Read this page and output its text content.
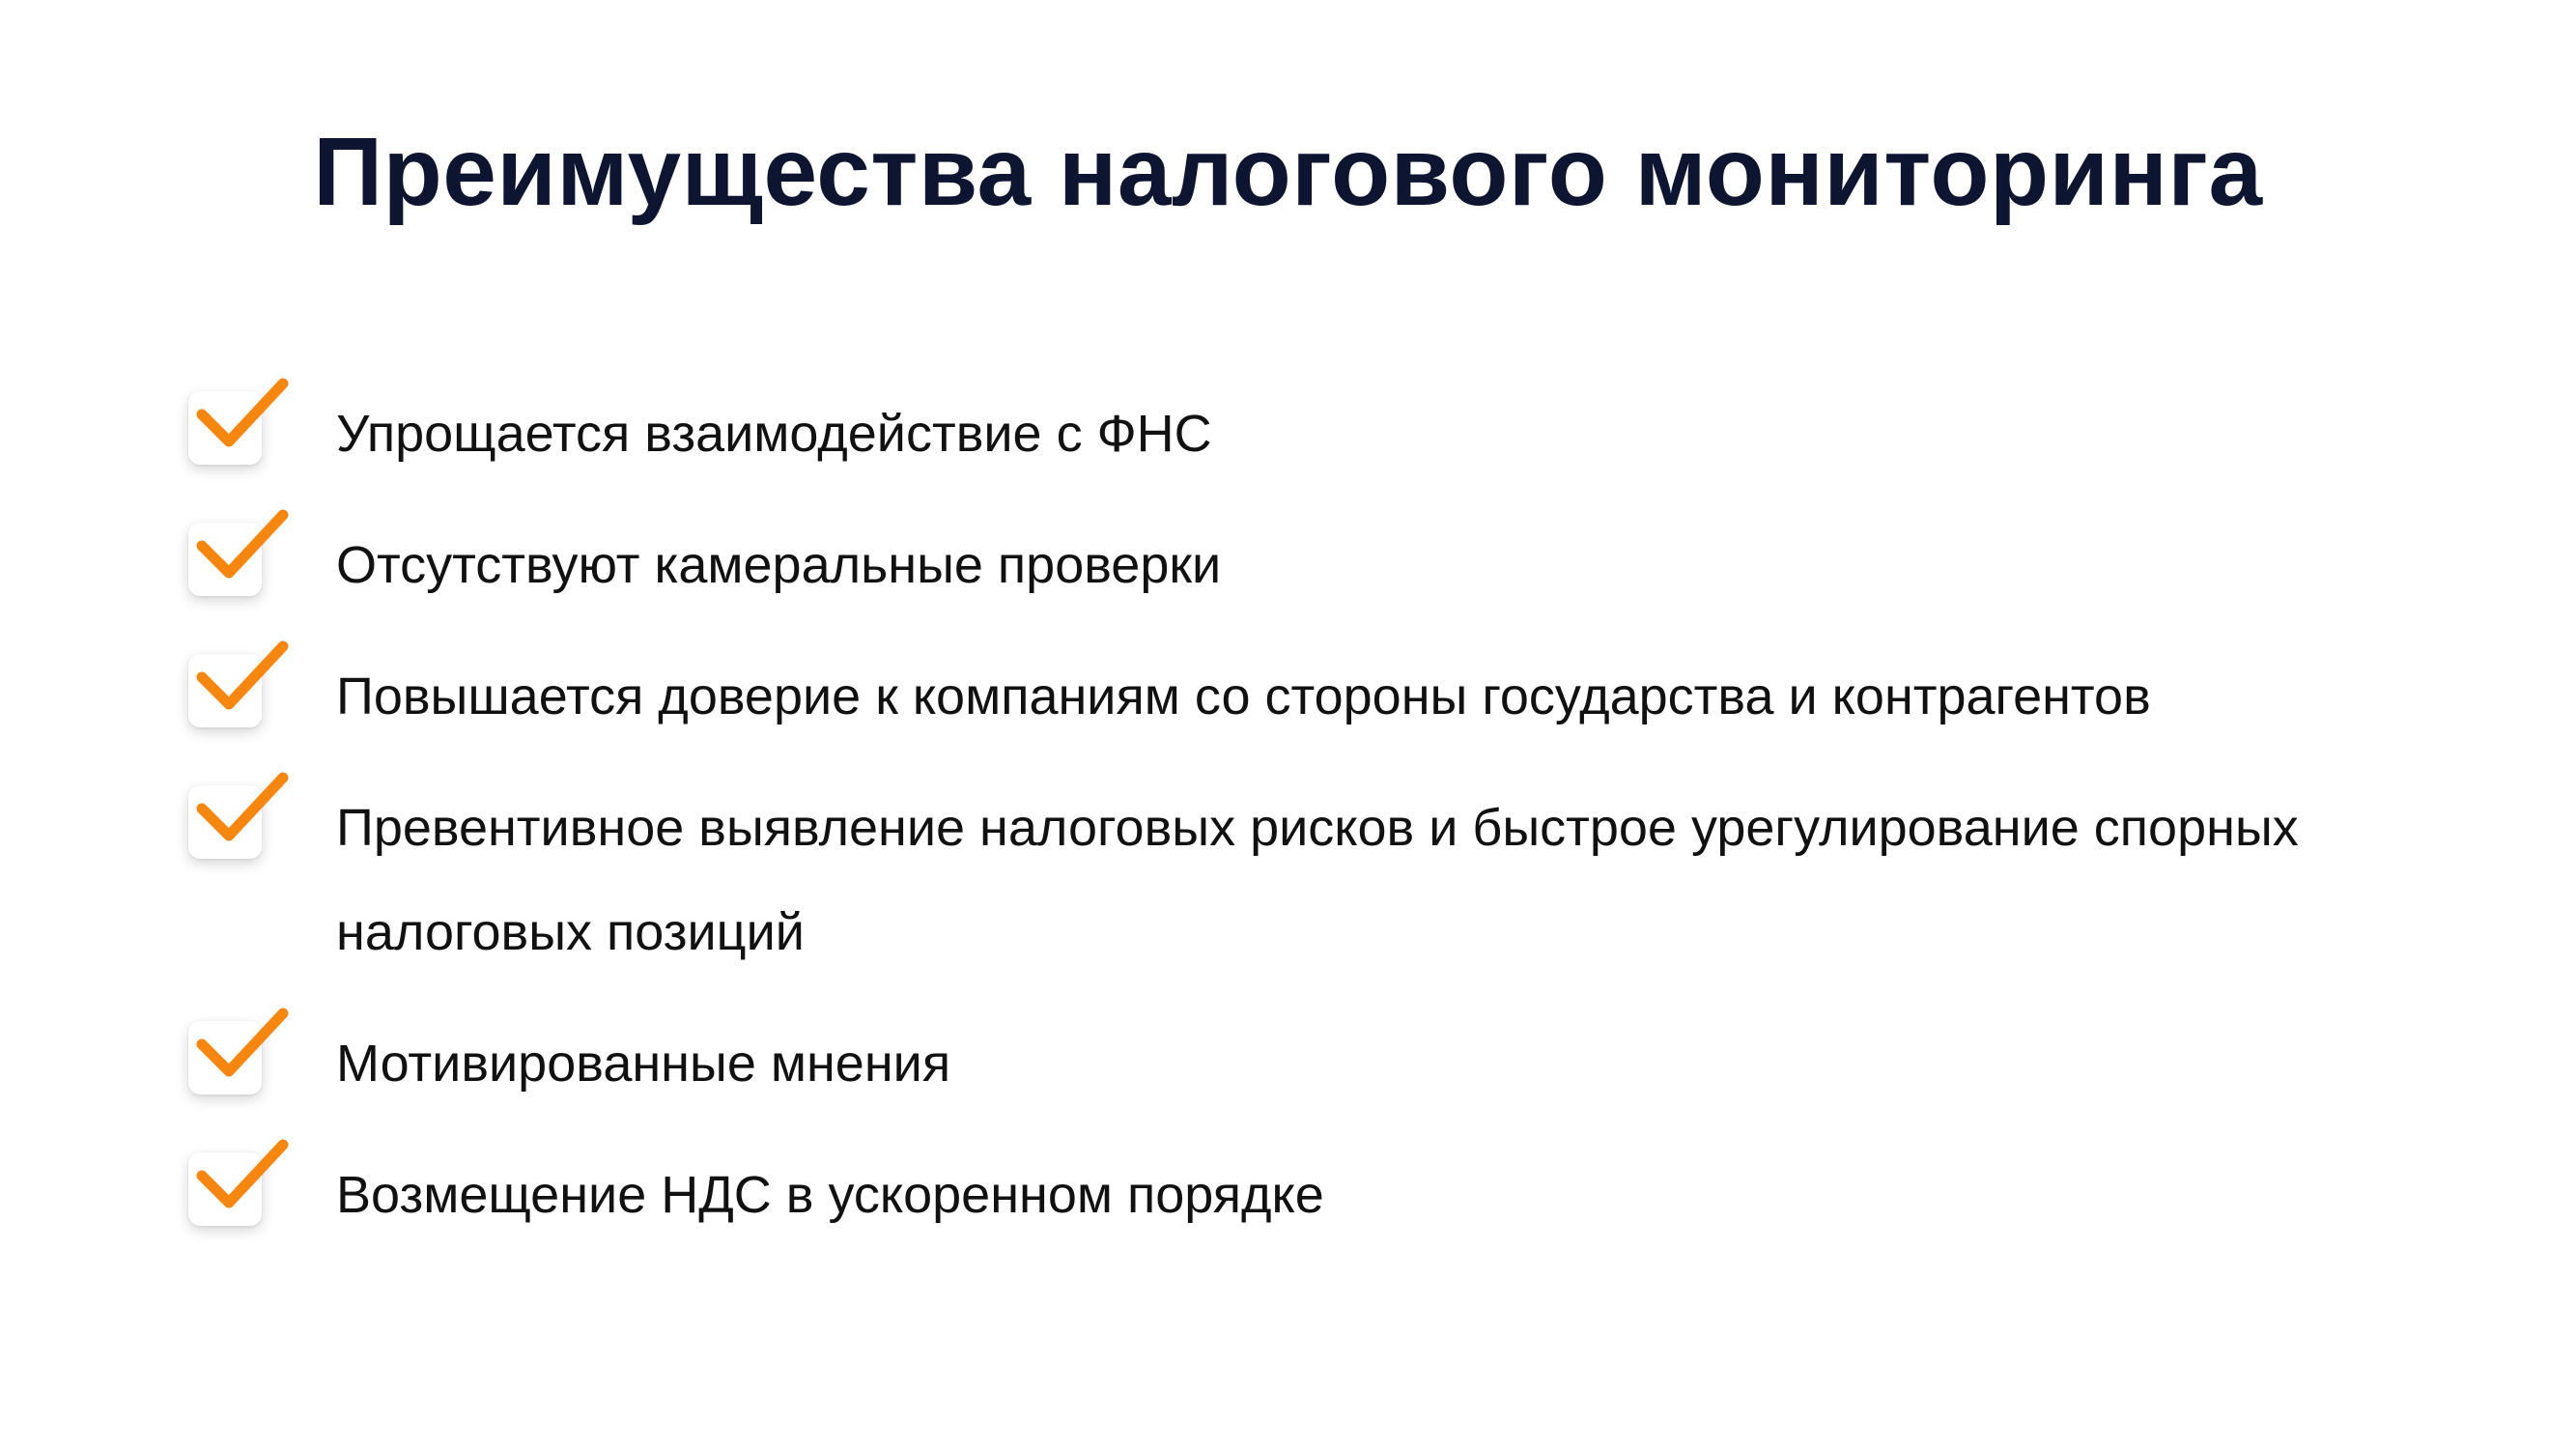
Преимущества налогового мониторинга
Упрощается взаимодействие с ФНС
Отсутствуют камеральные проверки
Повышается доверие к компаниям со стороны государства и контрагентов
Превентивное выявление налоговых рисков и быстрое урегулирование спорных
налоговых позиций
Мотивированные мнения
Возмещение НДС в ускоренном порядке
